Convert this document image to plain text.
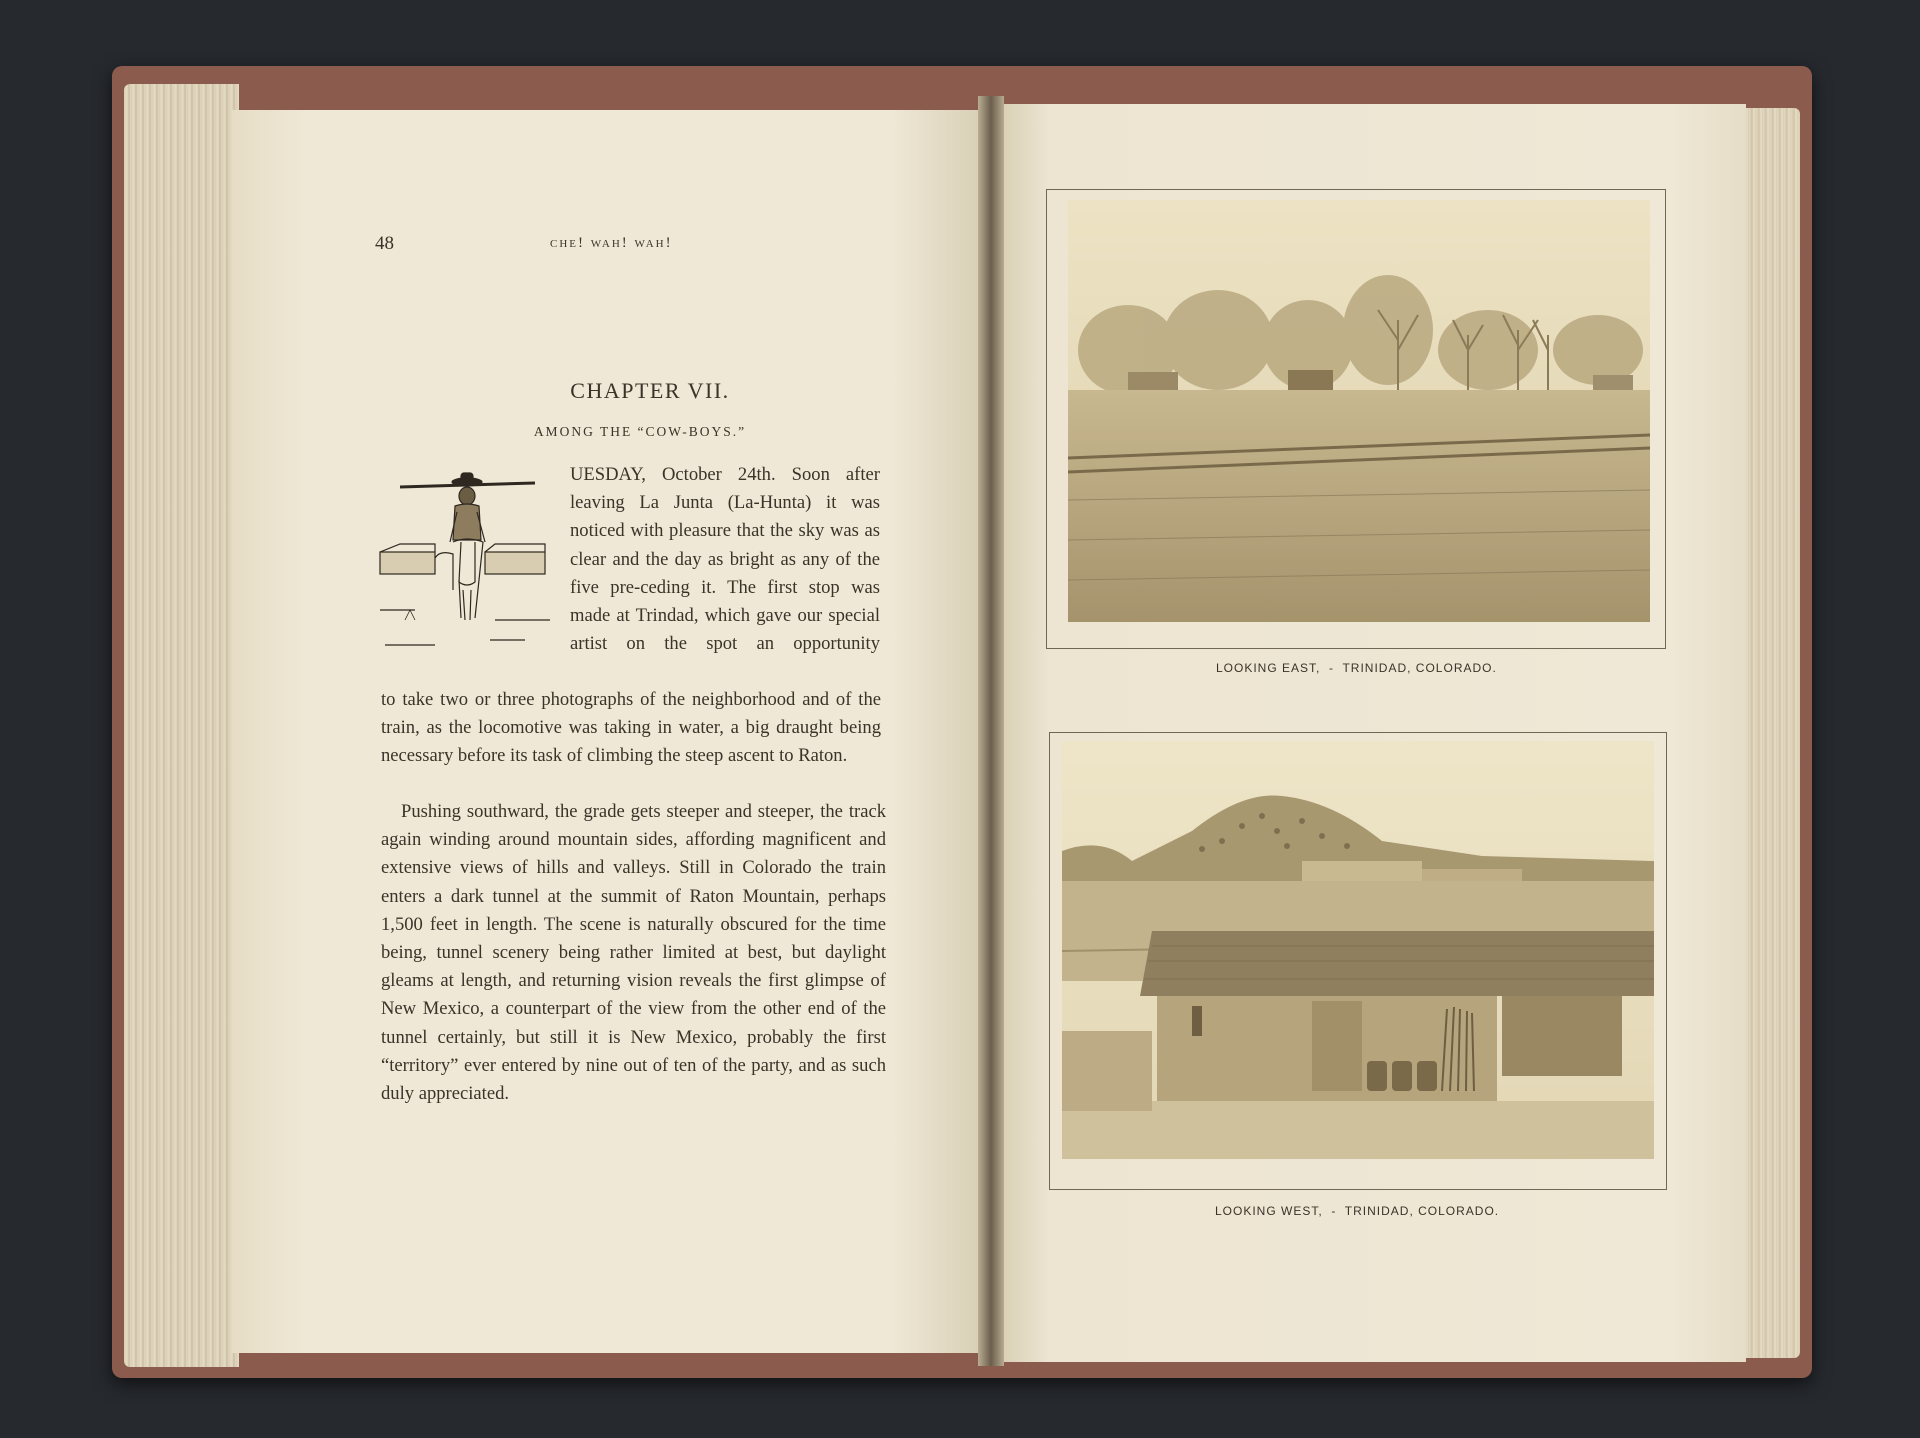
48	che! wah! wah!
CHAPTER VII.
AMONG THE “COW-BOYS.”

UESDAY, October 24th. Soon after leaving La Junta (La-Hunta) it was noticed with pleasure that the sky was as clear and the day as bright as any of the five pre-ceding it. The first stop was made at Trindad, which gave our special artist on the spot an opportunity

to take two or three photographs of the neighborhood and of the train, as the locomotive was taking in water, a big draught being necessary before its task of climbing the steep ascent to Raton.

Pushing southward, the grade gets steeper and steeper, the track again winding around mountain sides, affording magnificent and extensive views of hills and valleys. Still in Colorado the train enters a dark tunnel at the summit of Raton Mountain, perhaps 1,500 feet in length. The scene is naturally obscured for the time being, tunnel scenery being rather limited at best, but daylight gleams at length, and returning vision reveals the first glimpse of New Mexico, a counterpart of the view from the other end of the tunnel certainly, but still it is New Mexico, probably the first “territory” ever entered by nine out of ten of the party, and as such duly appreciated.

LOOKING EAST,  -  TRINIDAD, COLORADO.
LOOKING WEST,  -  TRINIDAD, COLORADO.
